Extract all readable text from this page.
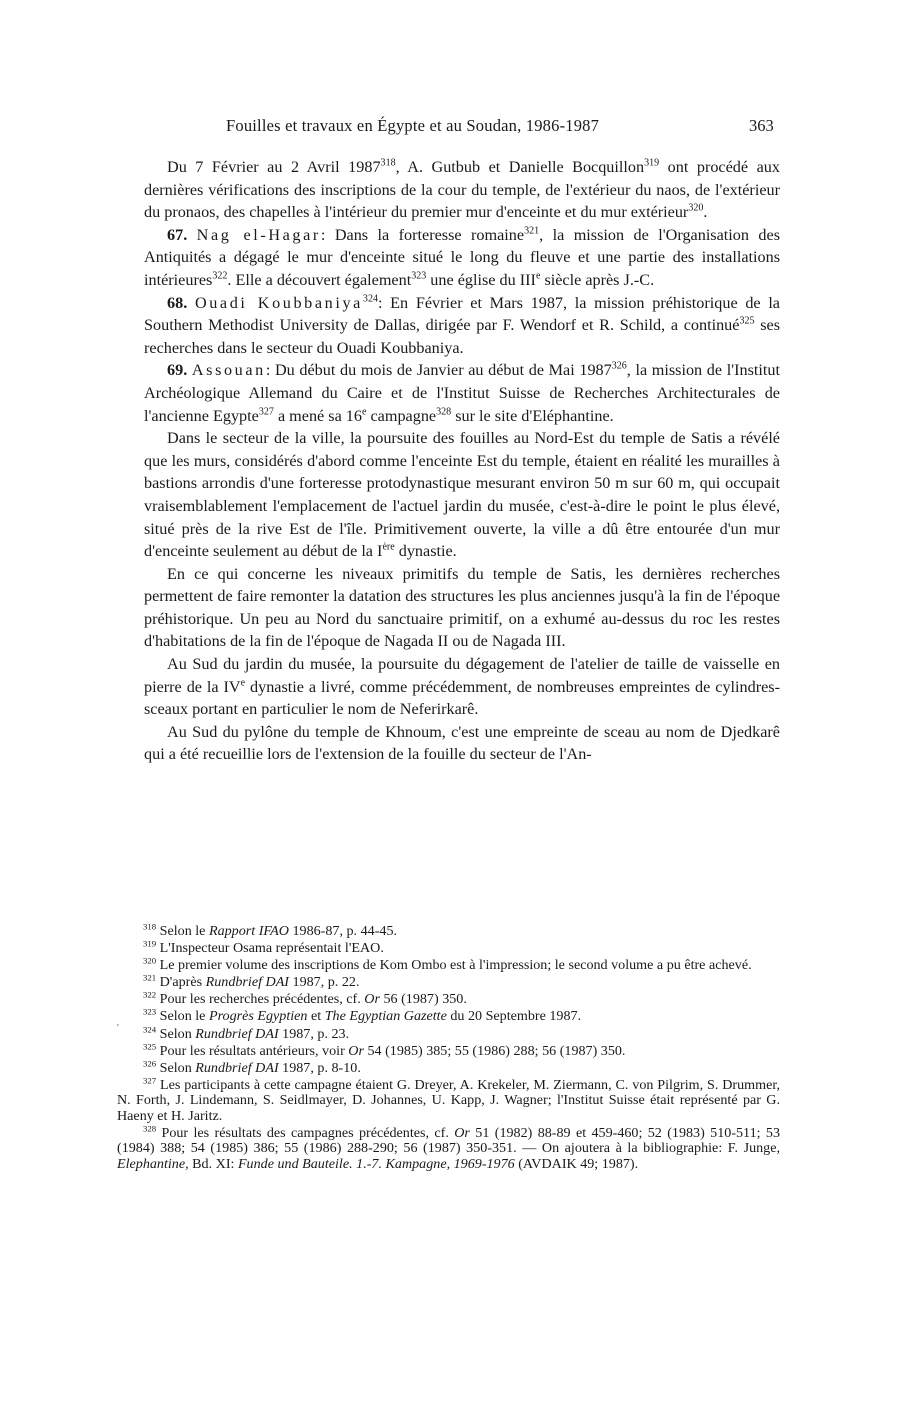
Fouilles et travaux en Égypte et au Soudan, 1986-1987	363

Du 7 Février au 2 Avril 1987$^{318}$, A. Gutbub et Danielle Bocquillon$^{319}$ ont procédé aux dernières vérifications des inscriptions de la cour du temple, de l'extérieur du naos, de l'extérieur du pronaos, des chapelles à l'intérieur du premier mur d'enceinte et du mur extérieur$^{320}$.

67. Nag el-Hagar: Dans la forteresse romaine$^{321}$, la mission de l'Organisation des Antiquités a dégagé le mur d'enceinte situé le long du fleuve et une partie des installations intérieures$^{322}$. Elle a découvert également$^{323}$ une église du IIIe siècle après J.-C.

68. Ouadi Koubbaniya$^{324}$: En Février et Mars 1987, la mission préhistorique de la Southern Methodist University de Dallas, dirigée par F. Wendorf et R. Schild, a continué$^{325}$ ses recherches dans le secteur du Ouadi Koubbaniya.

69. Assouan: Du début du mois de Janvier au début de Mai 1987$^{326}$, la mission de l'Institut Archéologique Allemand du Caire et de l'Institut Suisse de Recherches Architecturales de l'ancienne Egypte$^{327}$ a mené sa 16e campagne$^{328}$ sur le site d'Eléphantine.

Dans le secteur de la ville, la poursuite des fouilles au Nord-Est du temple de Satis a révélé que les murs, considérés d'abord comme l'enceinte Est du temple, étaient en réalité les murailles à bastions arrondis d'une forteresse protodynastique mesurant environ 50 m sur 60 m, qui occupait vraisemblablement l'emplacement de l'actuel jardin du musée, c'est-à-dire le point le plus élevé, situé près de la rive Est de l'île. Primitivement ouverte, la ville a dû être entourée d'un mur d'enceinte seulement au début de la Ière dynastie.

En ce qui concerne les niveaux primitifs du temple de Satis, les dernières recherches permettent de faire remonter la datation des structures les plus anciennes jusqu'à la fin de l'époque préhistorique. Un peu au Nord du sanctuaire primitif, on a exhumé au-dessus du roc les restes d'habitations de la fin de l'époque de Nagada II ou de Nagada III.

Au Sud du jardin du musée, la poursuite du dégagement de l'atelier de taille de vaisselle en pierre de la IVe dynastie a livré, comme précédemment, de nombreuses empreintes de cylindres-sceaux portant en particulier le nom de Neferirkarê.

Au Sud du pylône du temple de Khnoum, c'est une empreinte de sceau au nom de Djedkarê qui a été recueillie lors de l'extension de la fouille du secteur de l'An-

'

$^{318}$ Selon le Rapport IFAO 1986-87, p. 44-45.

$^{319}$ L'Inspecteur Osama représentait l'EAO.

$^{320}$ Le premier volume des inscriptions de Kom Ombo est à l'impression; le second volume a pu être achevé.

$^{321}$ D'après Rundbrief DAI 1987, p. 22.

$^{322}$ Pour les recherches précédentes, cf. Or 56 (1987) 350.

$^{323}$ Selon le Progrès Egyptien et The Egyptian Gazette du 20 Septembre 1987.

$^{324}$ Selon Rundbrief DAI 1987, p. 23.

$^{325}$ Pour les résultats antérieurs, voir Or 54 (1985) 385; 55 (1986) 288; 56 (1987) 350.

$^{326}$ Selon Rundbrief DAI 1987, p. 8-10.

$^{327}$ Les participants à cette campagne étaient G. Dreyer, A. Krekeler, M. Ziermann, C. von Pilgrim, S. Drummer, N. Forth, J. Lindemann, S. Seidlmayer, D. Johannes, U. Kapp, J. Wagner; l'Institut Suisse était représenté par G. Haeny et H. Jaritz.

$^{328}$ Pour les résultats des campagnes précédentes, cf. Or 51 (1982) 88-89 et 459-460; 52 (1983) 510-511; 53 (1984) 388; 54 (1985) 386; 55 (1986) 288-290; 56 (1987) 350-351. — On ajoutera à la bibliographie: F. Junge, Elephantine, Bd. XI: Funde und Bauteile. 1.-7. Kampagne, 1969-1976 (AVDAIK 49; 1987).
